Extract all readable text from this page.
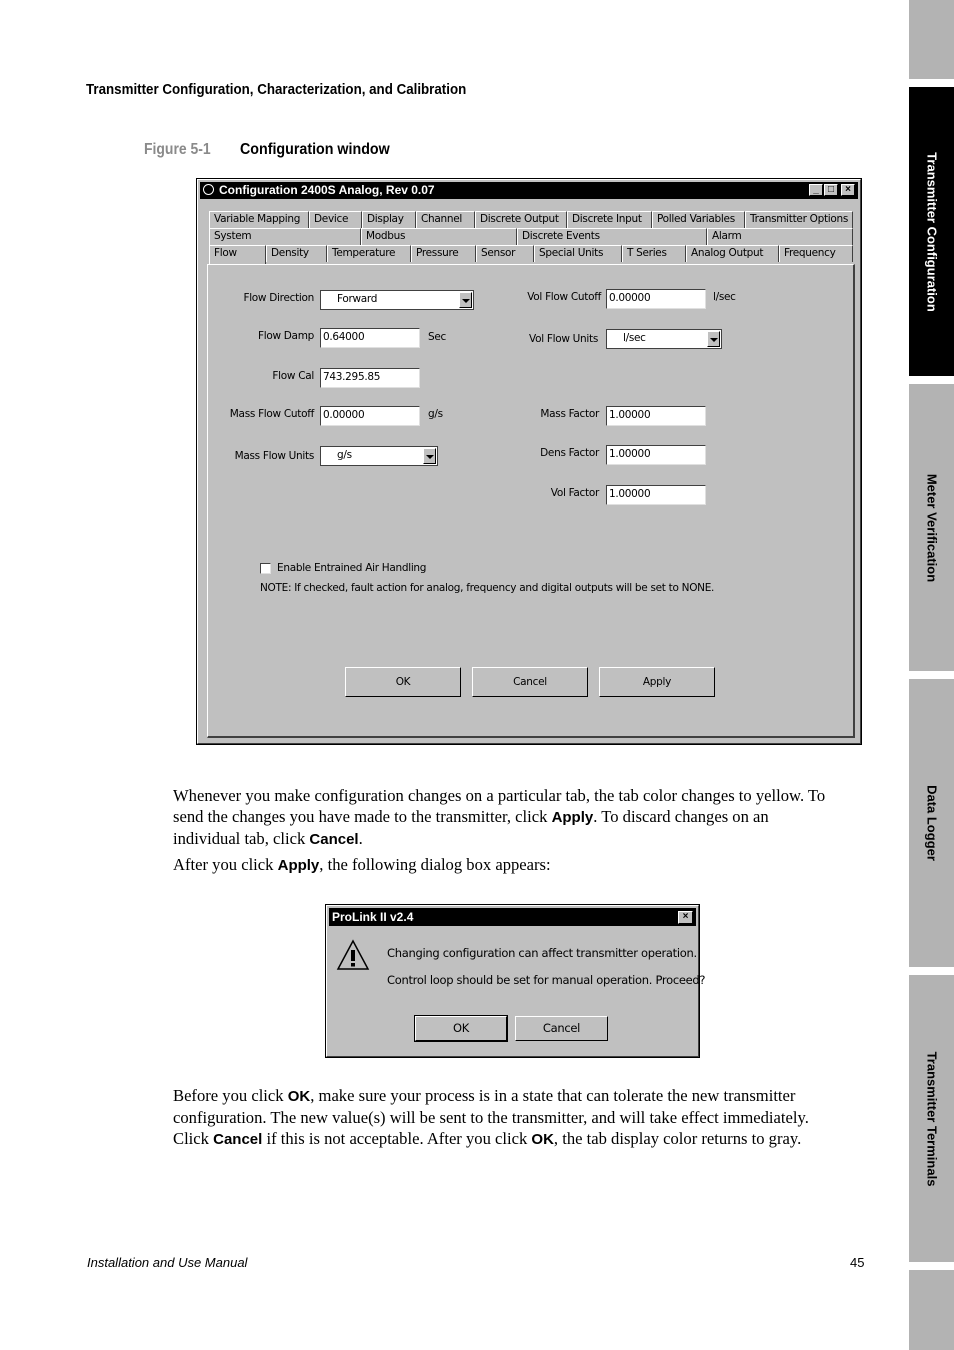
Transmitter Configuration
Meter Verification
Data Logger
Transmitter Terminals
Transmitter Configuration, Characterization, and Calibration
Figure 5-1 Configuration window
Configuration 2400S Analog, Rev 0.07	_ □	×
Variable Mapping	Device	Display	Channel	Discrete Output	Discrete Input	Polled Variables	Transmitter Options
System	Modbus	Discrete Events	Alarm
Flow	Density	Temperature	Pressure	Sensor	Special Units	T Series	Analog Output	Frequency
Flow Direction Forward
Flow Damp 0.64000	Sec
Flow Cal 743.295.85
Mass Flow Cutoff 0.00000	g/s
Mass Flow Units g/s
Vol Flow Cutoff 0.00000	l/sec
Vol Flow Units l/sec
Mass Factor 1.00000
Dens Factor 1.00000
Vol Factor 1.00000
Enable Entrained Air Handling
NOTE: If checked, fault action for analog, frequency and digital outputs will be set to NONE.
OK	Cancel	Apply
Whenever you make configuration changes on a particular tab, the tab color changes to yellow. To
send the changes you have made to the transmitter, click Apply. To discard changes on an
individual tab, click Cancel.
After you click Apply, the following dialog box appears:
ProLink II v2.4	×
Changing configuration can affect transmitter operation.
Control loop should be set for manual operation. Proceed?
OK	Cancel
Before you click OK, make sure your process is in a state that can tolerate the new transmitter
configuration. The new value(s) will be sent to the transmitter, and will take effect immediately.
Click Cancel if this is not acceptable. After you click OK, the tab display color returns to gray.
Installation and Use Manual	45
